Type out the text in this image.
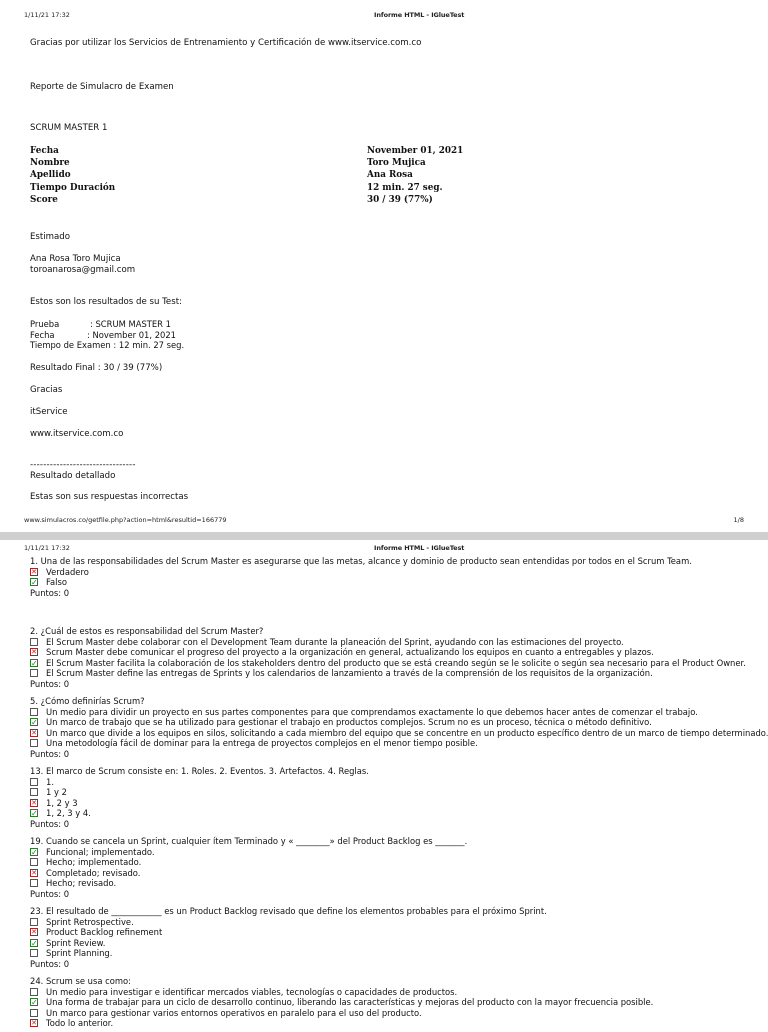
1/11/21 17:32	Informe HTML - IGlueTest
Gracias por utilizar los Servicios de Entrenamiento y Certificación de www.itservice.com.co
Reporte de Simulacro de Examen
SCRUM MASTER 1
Fecha	November 01, 2021
Nombre	Toro Mujica
Apellido	Ana Rosa
Tiempo Duración	12 min. 27 seg.
Score	30 / 39 (77%)
Estimado
Ana Rosa Toro Mujica
toroanarosa@gmail.com
Estos son los resultados de su Test:
Prueba	: SCRUM MASTER 1
Fecha	: November 01, 2021
Tiempo de Examen : 12 min. 27 seg.
Resultado Final : 30 / 39 (77%)
Gracias
itService
www.itservice.com.co
--------------------------------
Resultado detallado
Estas son sus respuestas incorrectas
www.simulacros.co/getfile.php?action=html&resultid=166779	1/8
1/11/21 17:32	Informe HTML - IGlueTest
1. Una de las responsabilidades del Scrum Master es asegurarse que las metas, alcance y dominio de producto sean entendidas por todos en el Scrum Team.
✕ Verdadero
✓ Falso
Puntos: 0
2. ¿Cuál de estos es responsabilidad del Scrum Master?
El Scrum Master debe colaborar con el Development Team durante la planeación del Sprint, ayudando con las estimaciones del proyecto.
✕ Scrum Master debe comunicar el progreso del proyecto a la organización en general, actualizando los equipos en cuanto a entregables y plazos.
✓ El Scrum Master facilita la colaboración de los stakeholders dentro del producto que se está creando según se le solicite o según sea necesario para el Product Owner.
El Scrum Master define las entregas de Sprints y los calendarios de lanzamiento a través de la comprensión de los requisitos de la organización.
Puntos: 0
5. ¿Cómo definirías Scrum?
Un medio para dividir un proyecto en sus partes componentes para que comprendamos exactamente lo que debemos hacer antes de comenzar el trabajo.
✓ Un marco de trabajo que se ha utilizado para gestionar el trabajo en productos complejos. Scrum no es un proceso, técnica o método definitivo.
✕ Un marco que divide a los equipos en silos, solicitando a cada miembro del equipo que se concentre en un producto específico dentro de un marco de tiempo determinado.
Una metodología fácil de dominar para la entrega de proyectos complejos en el menor tiempo posible.
Puntos: 0
13. El marco de Scrum consiste en: 1. Roles. 2. Eventos. 3. Artefactos. 4. Reglas.
1.
1 y 2
✕ 1, 2 y 3
✓ 1, 2, 3 y 4.
Puntos: 0
19. Cuando se cancela un Sprint, cualquier ítem Terminado y « ________» del Product Backlog es _______.
✓ Funcional; implementado.
Hecho; implementado.
✕ Completado; revisado.
Hecho; revisado.
Puntos: 0
23. El resultado de ____________ es un Product Backlog revisado que define los elementos probables para el próximo Sprint.
Sprint Retrospective.
✕ Product Backlog refinement
✓ Sprint Review.
Sprint Planning.
Puntos: 0
24. Scrum se usa como:
Un medio para investigar e identificar mercados viables, tecnologías o capacidades de productos.
✓ Una forma de trabajar para un ciclo de desarrollo continuo, liberando las características y mejoras del producto con la mayor frecuencia posible.
Un marco para gestionar varios entornos operativos en paralelo para el uso del producto.
✕ Todo lo anterior.
